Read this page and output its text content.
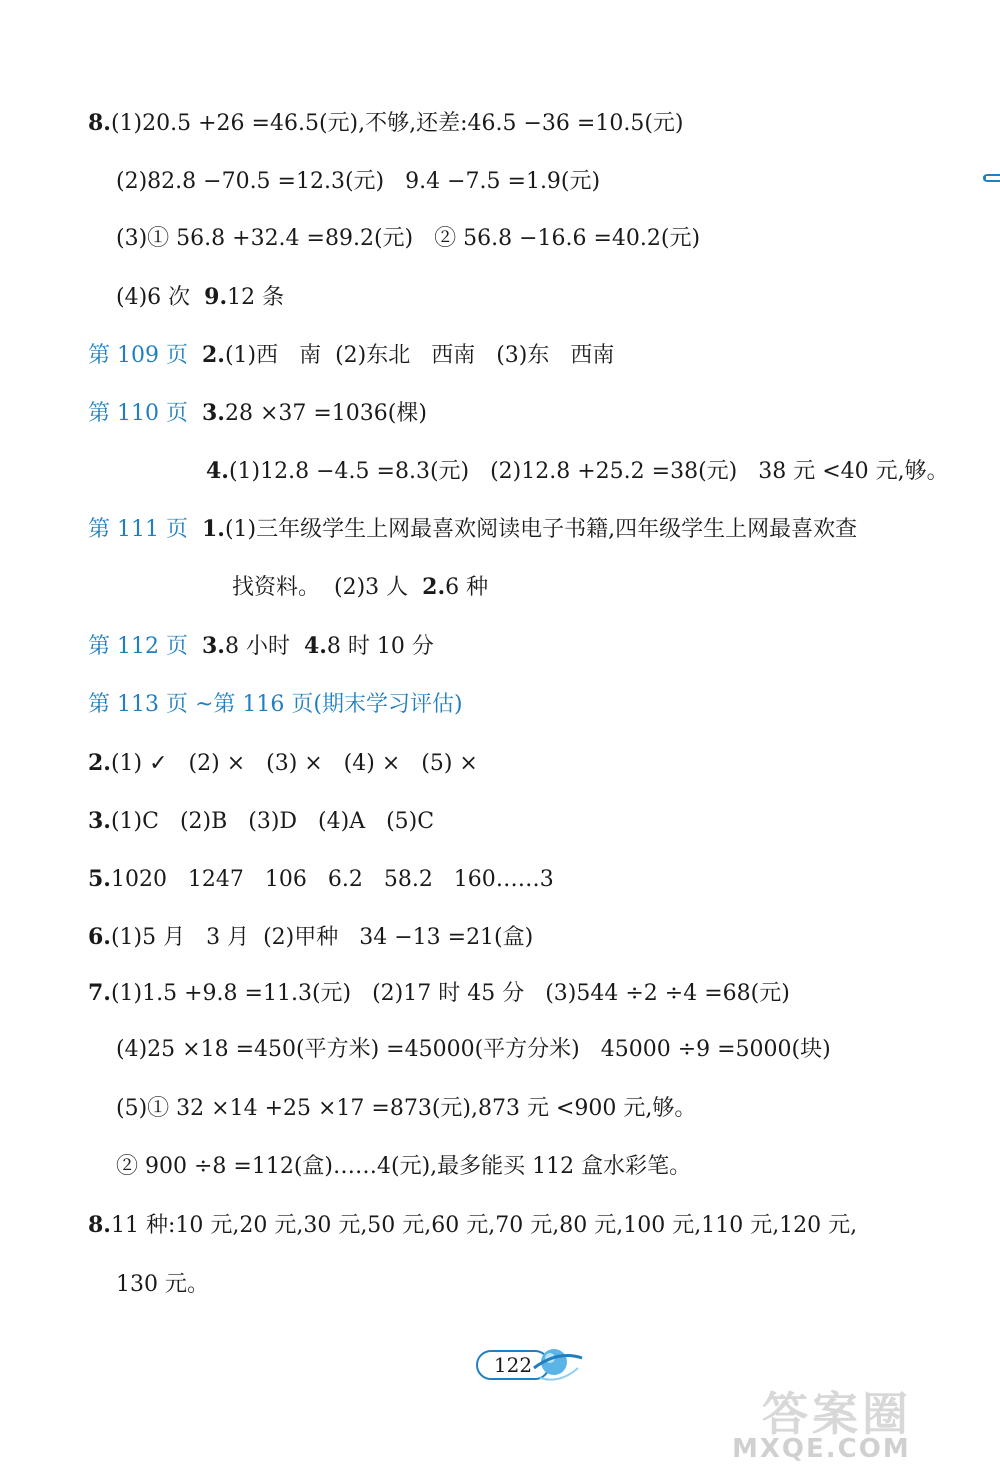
8.(1)20.5 +26 =46.5(元),不够,还差:46.5 −36 =10.5(元)
(2)82.8 −70.5 =12.3(元)   9.4 −7.5 =1.9(元)
(3)① 56.8 +32.4 =89.2(元)   ② 56.8 −16.6 =40.2(元)
(4)6 次  9.12 条
第 109 页 2.(1)西   南  (2)东北   西南   (3)东   西南
第 110 页 3.28 ×37 =1036(棵)
4.(1)12.8 −4.5 =8.3(元)   (2)12.8 +25.2 =38(元)   38 元 <40 元,够。
第 111 页 1.(1)三年级学生上网最喜欢阅读电子书籍,四年级学生上网最喜欢查
找资料。  (2)3 人  2.6 种
第 112 页 3.8 小时  4.8 时 10 分
第 113 页 ~第 116 页(期末学习评估)
2.(1) ✓   (2) ×   (3) ×   (4) ×   (5) ×
3.(1)C   (2)B   (3)D   (4)A   (5)C
5.1020   1247   106   6.2   58.2   160……3
6.(1)5 月   3 月  (2)甲种   34 −13 =21(盒)
7.(1)1.5 +9.8 =11.3(元)   (2)17 时 45 分   (3)544 ÷2 ÷4 =68(元)
(4)25 ×18 =450(平方米) =45000(平方分米)   45000 ÷9 =5000(块)
(5)① 32 ×14 +25 ×17 =873(元),873 元 <900 元,够。
② 900 ÷8 =112(盒)……4(元),最多能买 112 盒水彩笔。
8.11 种:10 元,20 元,30 元,50 元,60 元,70 元,80 元,100 元,110 元,120 元,
130 元。
122
答案圈
MXQE.COM
